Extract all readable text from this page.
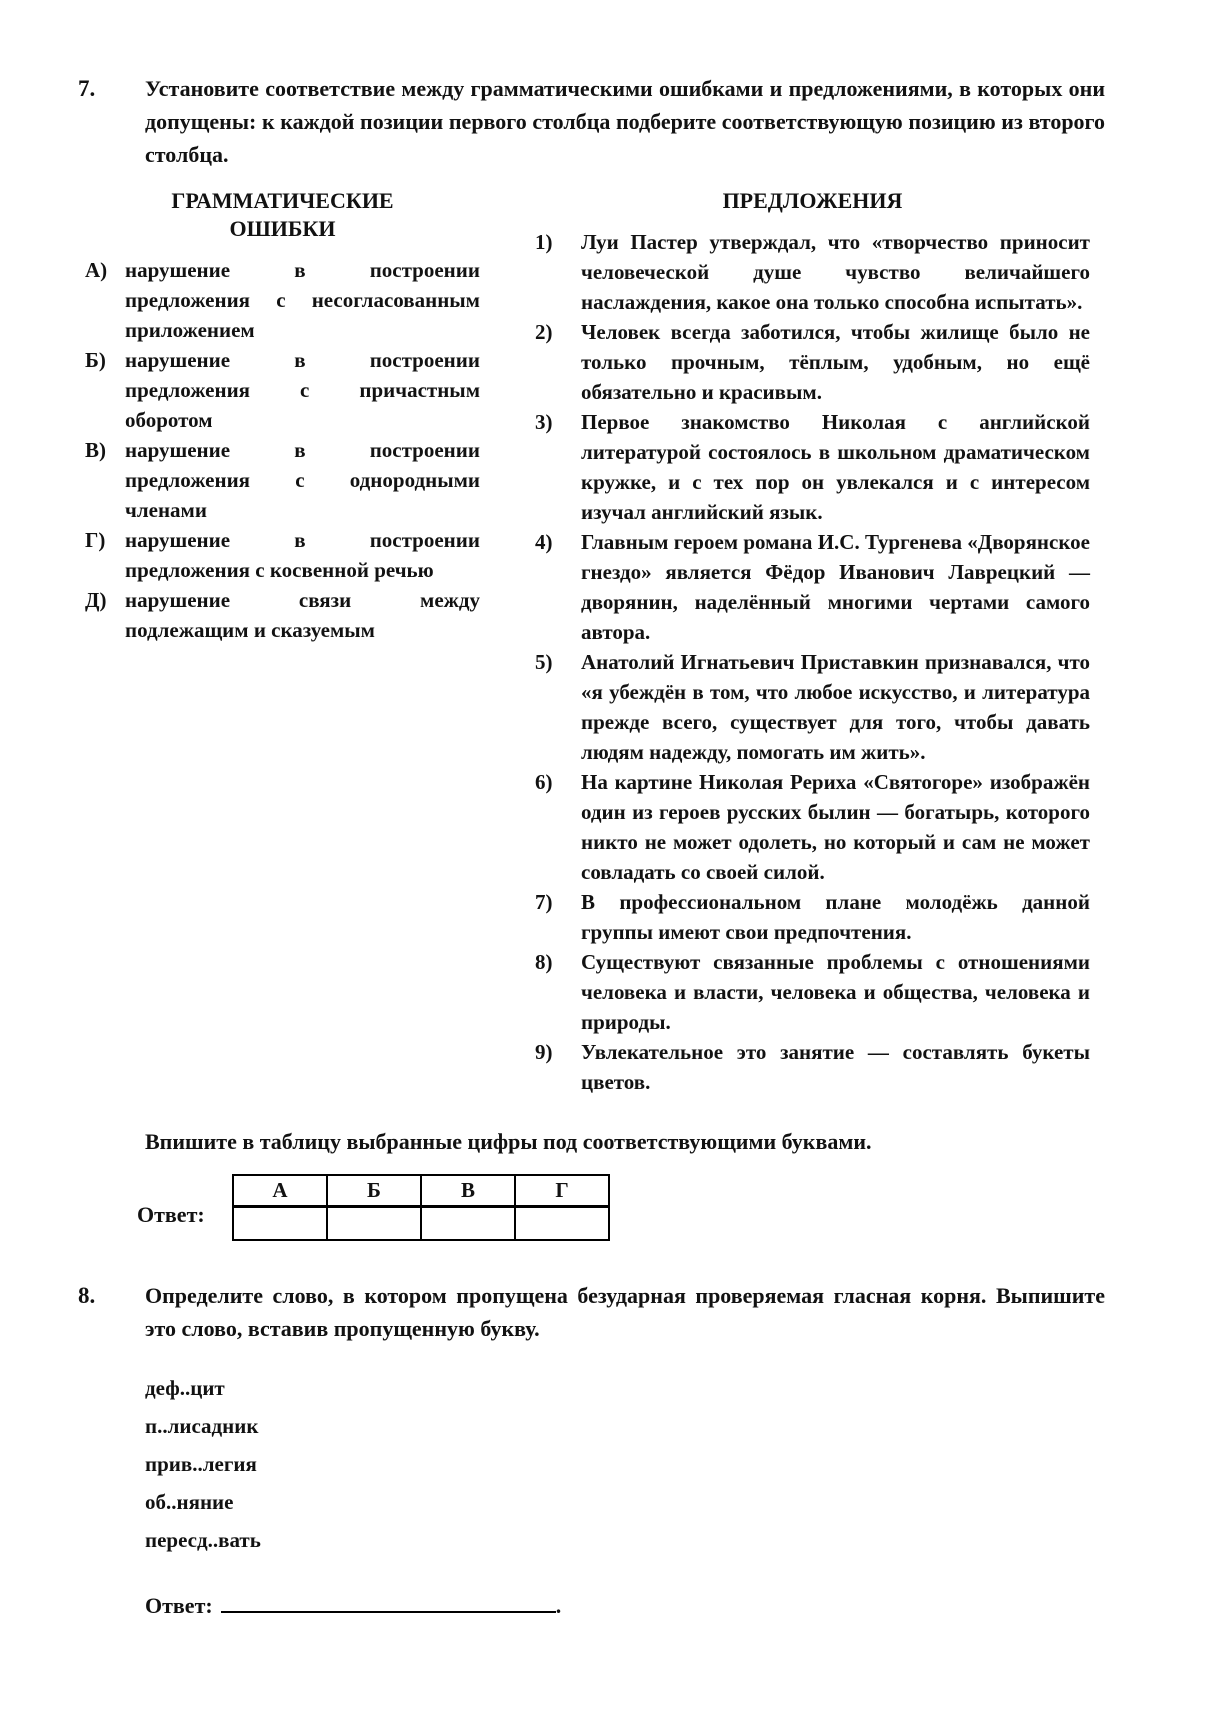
7.	Установите соответствие между грамматическими ошибками и предложениями, в которых они допущены: к каждой позиции первого столбца подберите соответствующую позицию из второго столбца.

ГРАММАТИЧЕСКИЕ
ОШИБКИ
А) нарушение в построении предложения с несогласованным приложением
Б) нарушение в построении предложения с причастным оборотом
В) нарушение в построении предложения с однородными членами
Г) нарушение в построении предложения с косвенной речью
Д) нарушение связи между подлежащим и сказуемым
ПРЕДЛОЖЕНИЯ
1)	Луи Пастер утверждал, что «творчество приносит человеческой душе чувство величайшего наслаждения, какое она только способна испытать».
2)	Человек всегда заботился, чтобы жилище было не только прочным, тёплым, удобным, но ещё обязательно и красивым.
3)	Первое знакомство Николая с английской литературой состоялось в школьном драматическом кружке, и с тех пор он увлекался и с интересом изучал английский язык.
4)	Главным героем романа И.С. Тургенева «Дворянское гнездо» является Фёдор Иванович Лаврецкий — дворянин, наделённый многими чертами самого автора.
5)	Анатолий Игнатьевич Приставкин признавался, что «я убеждён в том, что любое искусство, и литература прежде всего, существует для того, чтобы давать людям надежду, помогать им жить».
6)	На картине Николая Рериха «Святогоре» изображён один из героев русских былин — богатырь, которого никто не может одолеть, но который и сам не может совладать со своей силой.
7)	В профессиональном плане молодёжь данной группы имеют свои предпочтения.
8)	Существуют связанные проблемы с отношениями человека и власти, человека и общества, человека и природы.
9)	Увлекательное это занятие — составлять букеты цветов.

Впишите в таблицу выбранные цифры под соответствующими буквами.

Ответ:
А	Б	В	Г

8.	Определите слово, в котором пропущена безударная проверяемая гласная корня. Выпишите это слово, вставив пропущенную букву.

деф..цит
п..лисадник
прив..легия
об..няние
пересд..вать
Ответ:	.
